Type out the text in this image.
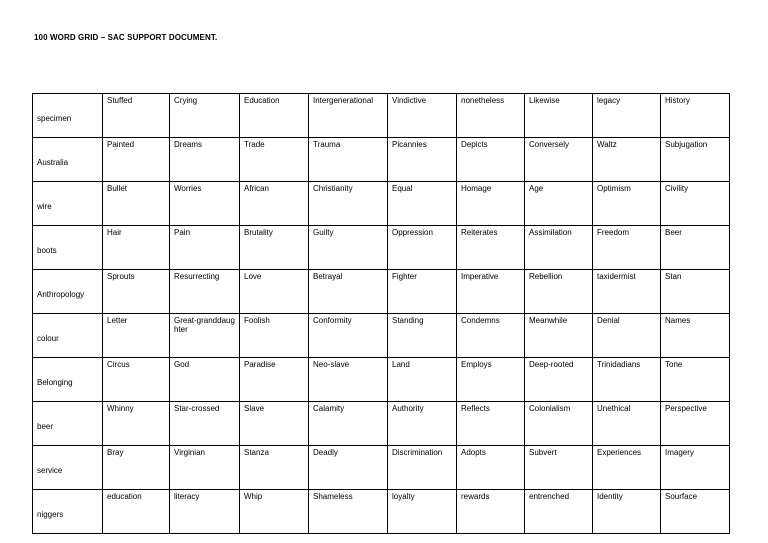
100 WORD GRID – SAC SUPPORT DOCUMENT.
specimen	Stuffed	Crying	Education	Intergenerational	Vindictive	nonetheless	Likewise	legacy	History
Australia	Painted	Dreams	Trade	Trauma	Picannies	Depicts	Conversely	Waltz	Subjugation
wire	Bullet	Worries	African	Christianity	Equal	Homage	Age	Optimism	Civility
boots	Hair	Pain	Brutality	Guilty	Oppression	Reiterates	Assimilation	Freedom	Beer
Anthropology	Sprouts	Resurrecting	Love	Betrayal	Fighter	Imperative	Rebellion	taxidermist	Stan
colour	Letter	Great-granddaughter	Foolish	Conformity	Standing	Condemns	Meanwhile	Denial	Names
Belonging	Circus	God	Paradise	Neo-slave	Land	Employs	Deep-rooted	Trinidadians	Tone
beer	Whinny	Star-crossed	Slave	Calamity	Authority	Reflects	Colonialism	Unethical	Perspective
service	Bray	Virginian	Stanza	Deadly	Discrimination	Adopts	Subvert	Experiences	Imagery
niggers	education	literacy	Whip	Shameless	loyalty	rewards	entrenched	Identity	Sourface
